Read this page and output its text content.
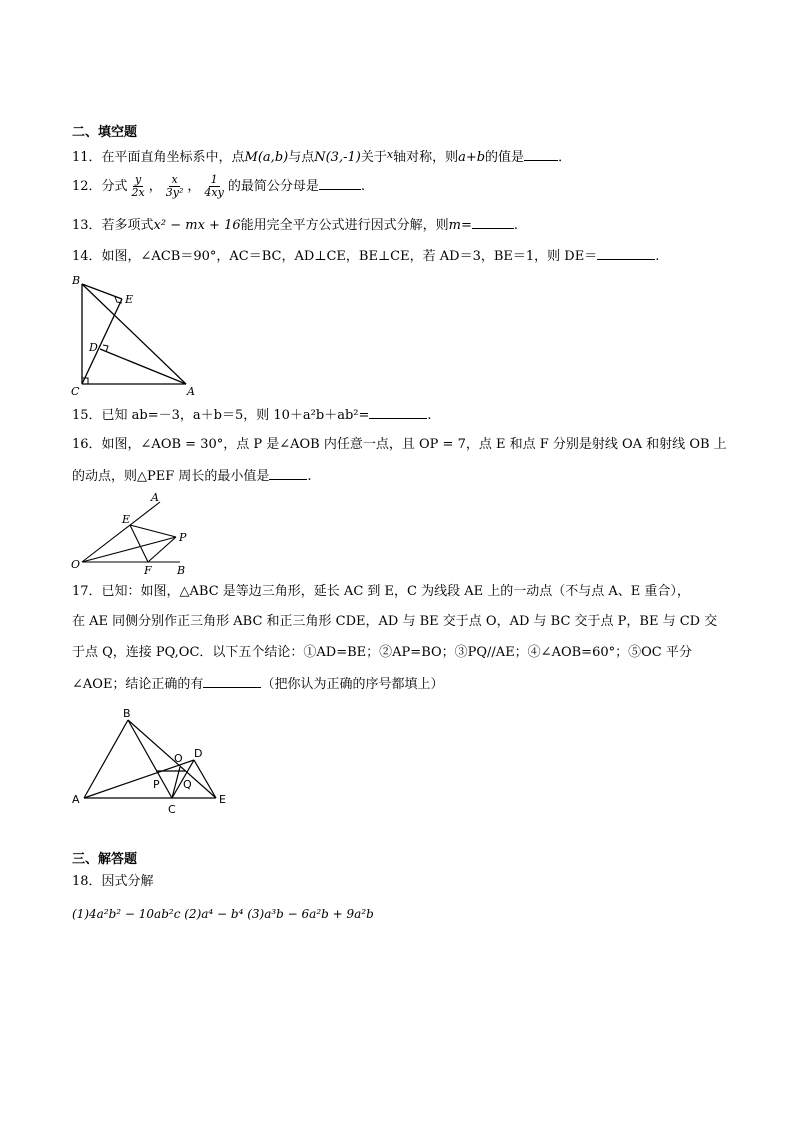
二、填空题
11．在平面直角坐标系中，点M(a,b)与点N(3,-1)关于$^x$轴对称，则a+b的值是	．
12．分式 $\frac{y}{2x}$ ， $\frac{x}{\text{3y²}}$ ， $\frac{1}{4xy}$ 的最简公分母是	.
13．若多项式x² − mx + 16能用完全平方公式进行因式分解，则m=	.
14．如图，∠ACB＝90°，AC＝BC，AD⊥CE，BE⊥CE，若 AD＝3，BE＝1，则 DE＝	.
B
E
D
C	A
15．已知 ab=－3，a＋b＝5，则 10＋a²b＋ab²=	.
16．如图，∠AOB = 30°，点 P 是∠AOB 内任意一点，且 OP = 7，点 E 和点 F 分别是射线 OA 和射线 OB 上
的动点，则△PEF 周长的最小值是	.
A
E
P
O	F B
17．已知：如图，△ABC 是等边三角形，延长 AC 到 E，C 为线段 AE 上的一动点（不与点 A、E 重合），
在 AE 同侧分别作正三角形 ABC 和正三角形 CDE，AD 与 BE 交于点 O，AD 与 BC 交于点 P，BE 与 CD 交
于点 Q，连接 PQ,OC．以下五个结论：①AD=BE；②AP=BO；③PQ//AE；④∠AOB=60°；⑤OC 平分
∠AOE；结论正确的有	（把你认为正确的序号都填上）
B
O D
A
P Q
C
E
三、解答题
18．因式分解
(1)4a²b² − 10ab²c (2)a⁴ − b⁴ (3)a³b − 6a²b + 9a²b
